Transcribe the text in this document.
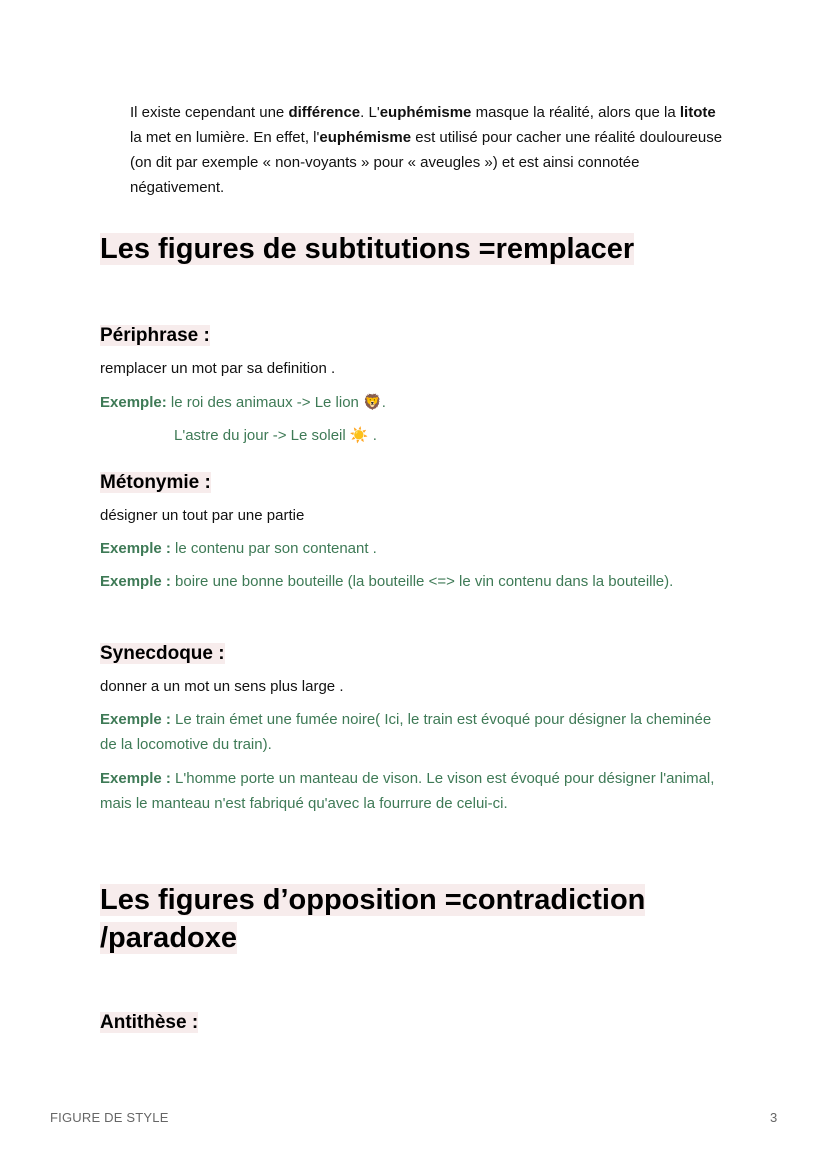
Il existe cependant une différence. L'euphémisme masque la réalité, alors que la litote la met en lumière. En effet, l'euphémisme est utilisé pour cacher une réalité douloureuse (on dit par exemple « non-voyants » pour « aveugles ») et est ainsi connotée négativement.

Les figures de subtitutions =remplacer
Périphrase :

remplacer un mot par sa definition .

Exemple: le roi des animaux -> Le lion 🦁.

L'astre du jour -> Le soleil ☀️ .

Métonymie :

désigner un tout par une partie

Exemple : le contenu par son contenant .

Exemple : boire une bonne bouteille (la bouteille <=> le vin contenu dans la bouteille).

Synecdoque :

donner a un mot un sens plus large .

Exemple : Le train émet une fumée noire( Ici, le train est évoqué pour désigner la cheminée de la locomotive du train).

Exemple : L'homme porte un manteau de vison. Le vison est évoqué pour désigner l'animal, mais le manteau n'est fabriqué qu'avec la fourrure de celui-ci.

Les figures d’opposition =contradiction
/paradoxe
Antithèse :
FIGURE DE STYLE	3
